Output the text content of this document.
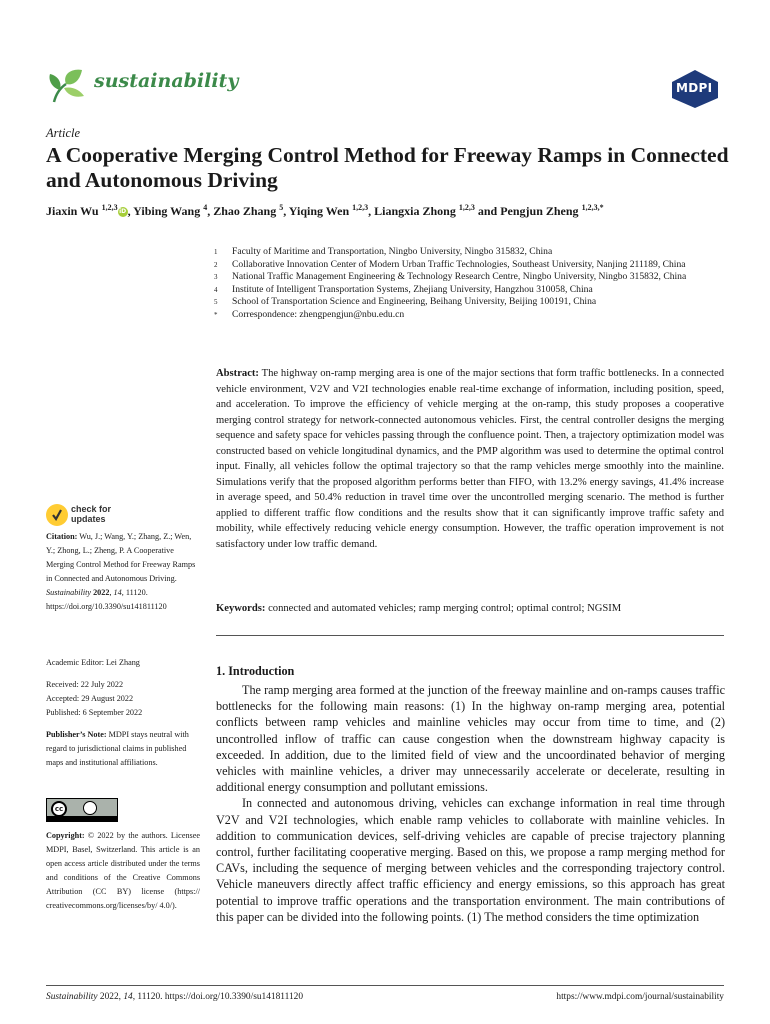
sustainability	MDPI
Article
A Cooperative Merging Control Method for Freeway Ramps in Connected and Autonomous Driving
Jiaxin Wu $^{1,2,3}$iD, Yibing Wang $^4$, Zhao Zhang $^5$, Yiqing Wen $^{1,2,3}$, Liangxia Zhong $^{1,2,3}$ and Pengjun Zheng $^{1,2,3,*}$
1	Faculty of Maritime and Transportation, Ningbo University, Ningbo 315832, China
2	Collaborative Innovation Center of Modern Urban Traffic Technologies, Southeast University, Nanjing 211189, China
3	National Traffic Management Engineering & Technology Research Centre, Ningbo University, Ningbo 315832, China
4	Institute of Intelligent Transportation Systems, Zhejiang University, Hangzhou 310058, China
5	School of Transportation Science and Engineering, Beihang University, Beijing 100191, China
*	Correspondence: zhengpengjun@nbu.edu.cn
Abstract: The highway on-ramp merging area is one of the major sections that form traffic bottlenecks. In a connected vehicle environment, V2V and V2I technologies enable real-time exchange of information, including position, speed, and acceleration. To improve the efficiency of vehicle merging at the on-ramp, this study proposes a cooperative merging control strategy for network-connected autonomous vehicles. First, the central controller designs the merging sequence and safety space for vehicles passing through the confluence point. Then, a trajectory optimization model was constructed based on vehicle longitudinal dynamics, and the PMP algorithm was used to determine the optimal control input. Finally, all vehicles follow the optimal trajectory so that the ramp vehicles merge smoothly into the mainline. Simulations verify that the proposed algorithm performs better than FIFO, with 13.2% energy savings, 41.4% increase in average speed, and 50.4% reduction in travel time over the uncontrolled merging scenario. The method is further applied to different traffic flow conditions and the results show that it can significantly improve traffic safety and mobility, while effectively reducing vehicle energy consumption. However, the traffic operation improvement is not satisfactory under low traffic demand.
Keywords: connected and automated vehicles; ramp merging control; optimal control; NGSIM
1. Introduction

The ramp merging area formed at the junction of the freeway mainline and on-ramps causes traffic bottlenecks for the following main reasons: (1) In the highway on-ramp merging area, potential conflicts between ramp vehicles and mainline vehicles may occur from time to time, and (2) uncontrolled inflow of traffic can cause congestion when the downstream highway capacity is exceeded. In addition, due to the limited field of view and the uncoordinated behavior of merging vehicles with mainline vehicles, a driver may unnecessarily accelerate or decelerate, resulting in additional energy consumption and pollutant emissions.

In connected and autonomous driving, vehicles can exchange information in real time through V2V and V2I technologies, which enable ramp vehicles to collaborate with mainline vehicles. In addition to communication devices, self-driving vehicles are capable of precise trajectory planning control, further facilitating cooperative merging. Based on this, we propose a ramp merging method for CAVs, including the sequence of merging between vehicles and the corresponding trajectory control. Vehicle maneuvers directly affect traffic efficiency and energy emissions, so this approach has great potential to improve traffic operations and the transportation environment. The main contributions of this paper can be divided into the following points. (1) The method considers the time optimization

check for
updates
Citation: Wu, J.; Wang, Y.; Zhang, Z.; Wen, Y.; Zhong, L.; Zheng, P. A Cooperative Merging Control Method for Freeway Ramps in Connected and Autonomous Driving. Sustainability 2022, 14, 11120. https://doi.org/10.3390/su141811120
Academic Editor: Lei Zhang
Received: 22 July 2022
Accepted: 29 August 2022
Published: 6 September 2022
Publisher’s Note: MDPI stays neutral with regard to jurisdictional claims in published maps and institutional affiliations.
cc
Copyright: © 2022 by the authors. Licensee MDPI, Basel, Switzerland. This article is an open access article distributed under the terms and conditions of the Creative Commons Attribution (CC BY) license (https:// creativecommons.org/licenses/by/ 4.0/).
Sustainability 2022, 14, 11120. https://doi.org/10.3390/su141811120	https://www.mdpi.com/journal/sustainability
